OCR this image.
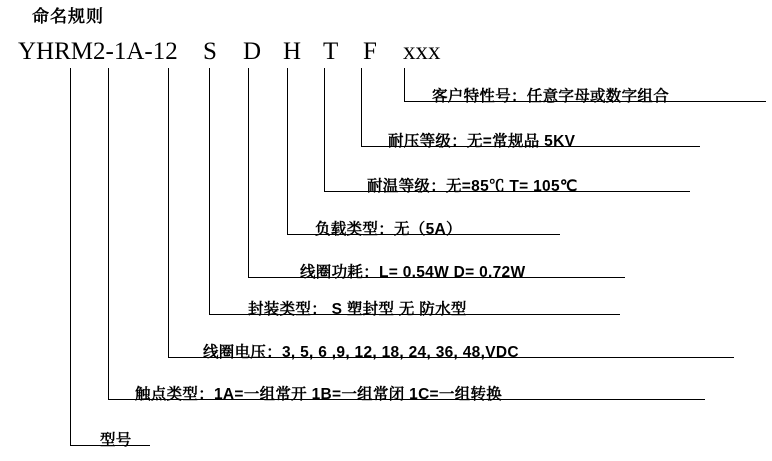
命名规则
YHRM2-1A-12 S D H T F xxx
客户特性号：任意字母或数字组合
耐压等级：无=常规品 5KV
耐温等级：无=85℃ T= 105℃
负载类型：无（5A）
线圈功耗：L= 0.54W D= 0.72W
封装类型： S 塑封型 无 防水型
线圈电压：3, 5, 6 ,9, 12, 18, 24, 36, 48,VDC
触点类型：1A=一组常开 1B=一组常闭 1C=一组转换
型号
